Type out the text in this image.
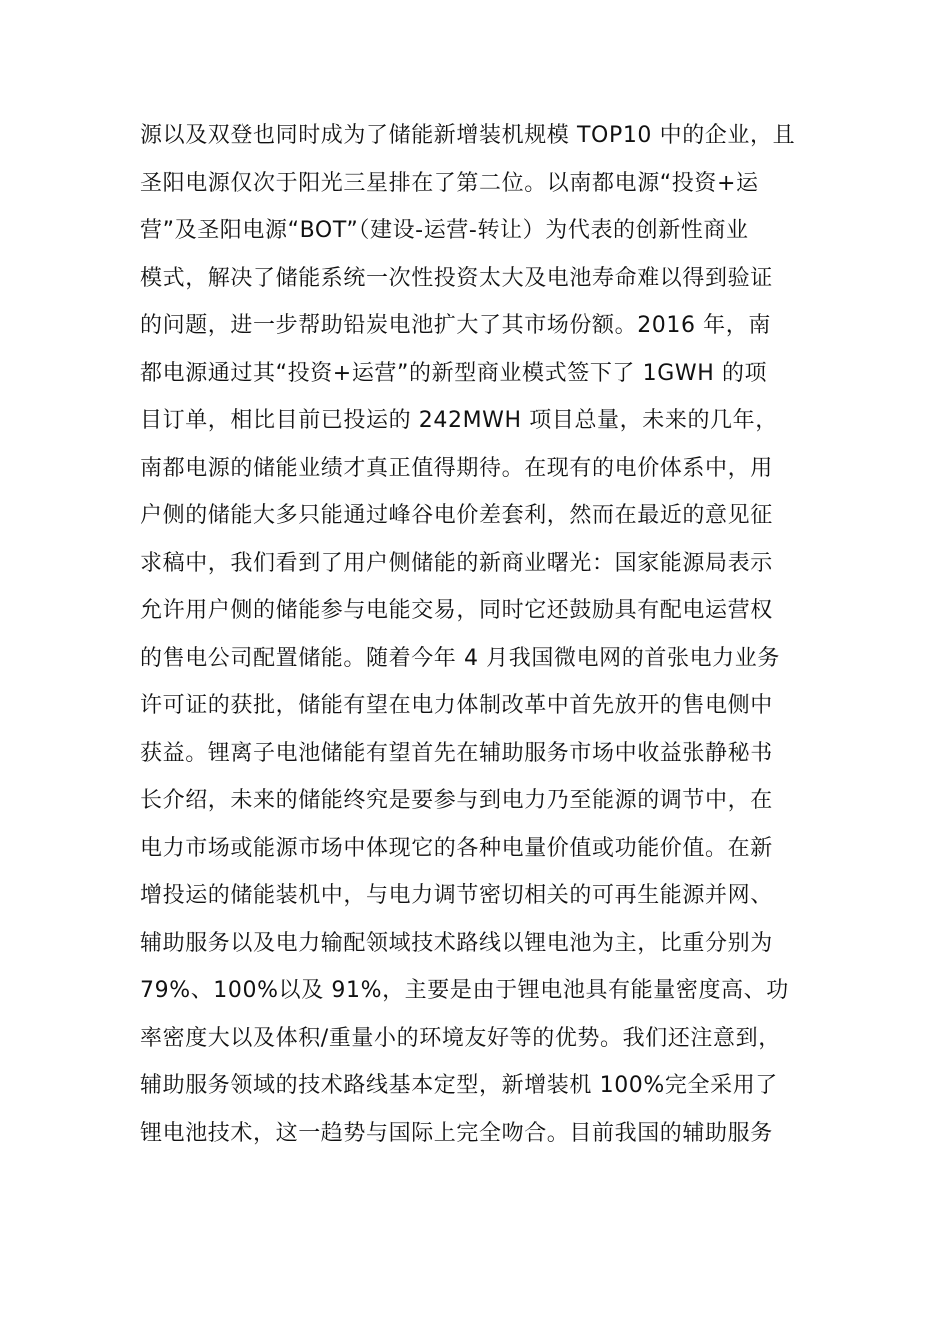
源以及双登也同时成为了储能新增装机规模 TOP10 中的企业，且
圣阳电源仅次于阳光三星排在了第二位。以南都电源“投资+运
营”及圣阳电源“BOT”（建设-运营-转让）为代表的创新性商业
模式，解决了储能系统一次性投资太大及电池寿命难以得到验证
的问题，进一步帮助铅炭电池扩大了其市场份额。2016 年，南
都电源通过其“投资+运营”的新型商业模式签下了 1GWH 的项
目订单，相比目前已投运的 242MWH 项目总量，未来的几年，
南都电源的储能业绩才真正值得期待。在现有的电价体系中，用
户侧的储能大多只能通过峰谷电价差套利，然而在最近的意见征
求稿中，我们看到了用户侧储能的新商业曙光：国家能源局表示
允许用户侧的储能参与电能交易，同时它还鼓励具有配电运营权
的售电公司配置储能。随着今年 4 月我国微电网的首张电力业务
许可证的获批，储能有望在电力体制改革中首先放开的售电侧中
获益。锂离子电池储能有望首先在辅助服务市场中收益张静秘书
长介绍，未来的储能终究是要参与到电力乃至能源的调节中，在
电力市场或能源市场中体现它的各种电量价值或功能价值。在新
增投运的储能装机中，与电力调节密切相关的可再生能源并网、
辅助服务以及电力输配领域技术路线以锂电池为主，比重分别为
79%、100%以及 91%，主要是由于锂电池具有能量密度高、功
率密度大以及体积/重量小的环境友好等的优势。我们还注意到，
辅助服务领域的技术路线基本定型，新增装机 100%完全采用了
锂电池技术，这一趋势与国际上完全吻合。目前我国的辅助服务
